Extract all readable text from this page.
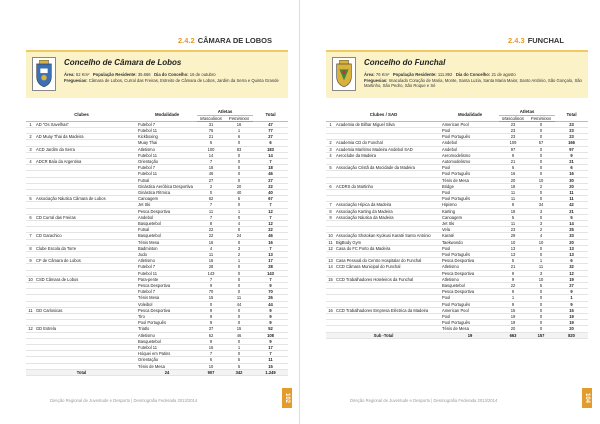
2.4.2 CÂMARA DE LOBOS
Concelho de Câmara de Lobos
Área: 52 Km² População Residente: 35.666 Dia do Concelho: 16 de outubro
Freguesias: Câmara de Lobos, Curral das Freiras, Estreito de Câmara de Lobos, Jardim da Serra e Quinta Grande
Clubes		Modalidade	Atletas		Total
			Masculinos	Femininos	
1	AD "Os Xavelhas"	Futebol 7	31	16	47
		Futebol 11	76	1	77
2	AD Muay Thai da Madeira	Kickboxing	21	6	27
		Muay Thai	6	0	6
3	ACD Jardim da Serra	Atletismo	100	83	183
		Futebol 11	14	0	14
4	ADCR Baía da Argentina	Orientação	7	0	7
		Futebol 7	18	0	18
		Futebol 11	46	0	46
		Futsal	27	0	27
		Ginástica Aeróbica Desportiva	2	20	22
		Ginástica Rítmica	0	40	40
5	Associação Náutica Câmara de Lobos	Canoagem	62	5	67
		Jet Ski	7	0	7
		Pesca Desportiva	11	1	12
6	CD Curral das Freiras	Andebol	7	0	7
		Basquetebol	8	4	12
		Futsal	22	0	22
7	CD Garachico	Basquetebol	22	24	46
		Ténis Mesa	16	0	16
8	Clube Escola da Torre	Badminton	4	3	7
		Judo	11	2	13
9	CF de Câmara de Lobos	Atletismo	16	1	17
		Futebol 7	28	0	28
		Futebol 11	143	0	143
10	CSD Câmara de Lobos	Para-pente	7	0	7
		Pesca Desportiva	9	0	9
		Futebol 7	70	0	70
		Ténis Mesa	15	11	26
		Voleibol	0	44	44
11	GD Carlosicas	Pesca Desportiva	9	0	9
		Tiro	9	0	9
		Pool Português	9	0	9
12	GD Estrela	Triatlo	37	15	52
		Atletismo	62	46	108
		Basquetebol	9	0	9
		Futebol 11	16	1	17
		Hóquei em Patins	7	0	7
		Orientação	6	5	11
		Ténis de Mesa	10	5	15
Total		24	907	342	1.249
Direção Regional de Juventude e Desporto | Desmografia Federada 2013/2014	102
2.4.3 FUNCHAL
Concelho do Funchal
Área: 76 Km² População Residente: 111.892 Dia do Concelho: 21 de agosto
Freguesias: Imaculado Coração de Maria, Monte, Santa Luzia, Santa Maria Maior, Santo António, São Gonçalo, São Martinho, São Pedro, São Roque e Sé
Clubes / SAD		Modalidade	Atletas		Total
			Masculinos	Femininos	
1	Academia de Bilhar Miguel Silva	American Pool	23	0	23
		Pool	23	0	23
		Pool Português	23	0	23
2	Academia CD do Funchal	Andebol	109	57	166
3	Academia Marítimo Madeira Andebol SAD	Andebol	97	0	97
4	Aeroclube da Madeira	Aeromodelismo	9	0	9
		Automodelismo	21	0	21
5	Associação Cristã da Mocidade da Madeira	Pool	6	0	6
		Pool Português	16	0	16
		Ténis de Mesa	20	10	30
6	ACDRS do Martinho	Bridge	18	2	20
		Pool	11	0	11
		Pool Português	11	0	11
7	Associação Hípica da Madeira	Hipismo	8	34	42
8	Associação Karting da Madeira	Karting	18	3	21
9	Associação Náutica da Madeira	Canoagem	5	0	5
		Jet Ski	11	3	14
		Vela	23	2	25
10	Associação Shotokan Kyokusi Karaté Santo António	Karaté	29	4	33
11	BigBody Gym	Taekwondo	10	10	20
12	Casa do FC Porto da Madeira	Pool	13	0	13
		Pool Português	13	0	13
13	Casa Pessoal do Centro Hospitalar do Funchal	Pesca Desportiva	5	1	6
14	CCD Câmara Municipal do Funchal	Atletismo	21	11	32
		Pesca Desportiva	9	3	12
15	CCD Trabalhadores Hoteleiros da Funchal	Atletismo	9	10	19
		Basquetebol	22	5	27
		Pesca Desportiva	9	0	9
		Pool	1	0	1
		Pool Português	9	0	9
16	CCD Trabalhadores Empresa Eléctrica da Madeira	American Pool	15	0	15
		Pool	19	0	19
		Pool Português	19	0	19
		Ténis de Mesa	20	0	20
Sub -Total		19	663	157	820
Direção Regional de Juventude e Desporto | Desmografia Federada 2013/2014	104
